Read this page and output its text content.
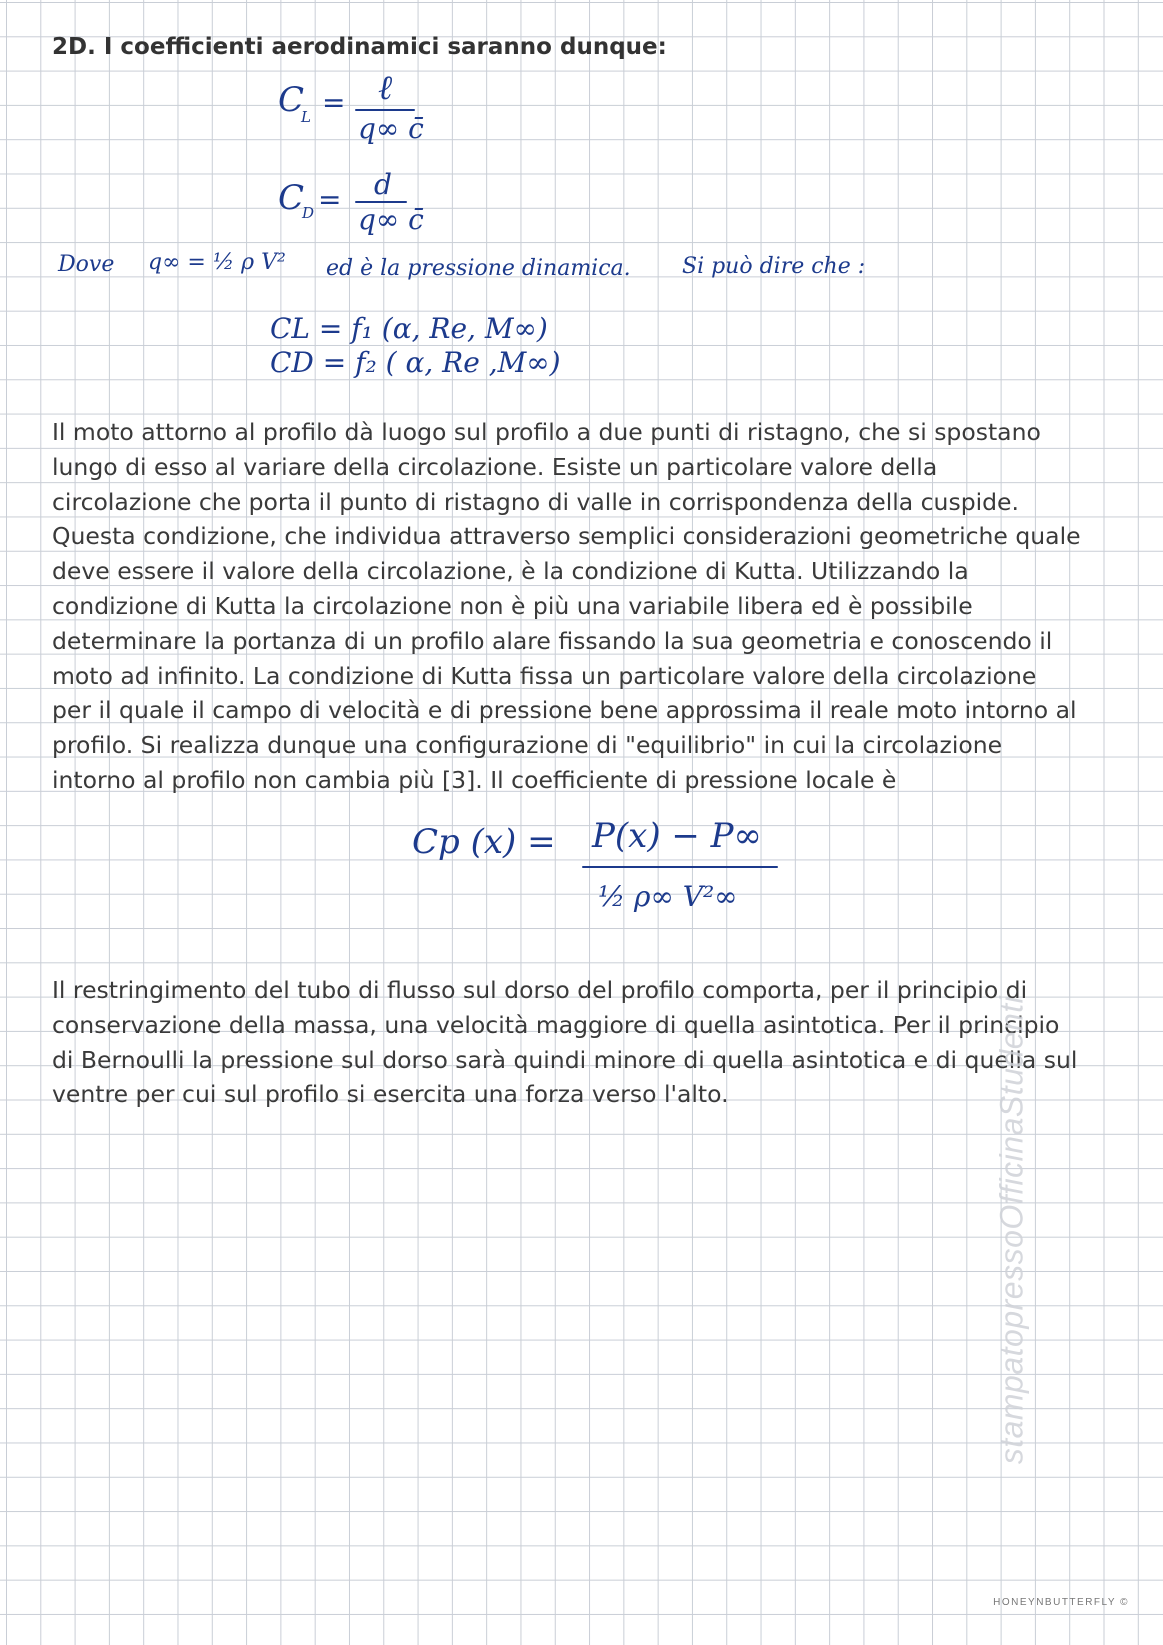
2D. I coefficienti aerodinamici saranno dunque:
C
L = ℓ
q∞ c̄
C
D = d
q∞ c̄
Dove q∞ = ½ ρ V² ed è la pressione dinamica. Si può dire che :
CL = f₁ (α, Re, M∞)
CD = f₂ ( α, Re ,M∞)

Il moto attorno al profilo dà luogo sul profilo a due punti di ristagno, che si spostano
lungo di esso al variare della circolazione. Esiste un particolare valore della
circolazione che porta il punto di ristagno di valle in corrispondenza della cuspide.
Questa condizione, che individua attraverso semplici considerazioni geometriche quale
deve essere il valore della circolazione, è la condizione di Kutta. Utilizzando la
condizione di Kutta la circolazione non è più una variabile libera ed è possibile
determinare la portanza di un profilo alare fissando la sua geometria e conoscendo il
moto ad infinito. La condizione di Kutta fissa un particolare valore della circolazione
per il quale il campo di velocità e di pressione bene approssima il reale moto intorno al
profilo. Si realizza dunque una configurazione di "equilibrio" in cui la circolazione
intorno al profilo non cambia più [3]. Il coefficiente di pressione locale è

Cp (x) = P(x) − P∞
½ ρ∞ V²∞

Il restringimento del tubo di flusso sul dorso del profilo comporta, per il principio di
conservazione della massa, una velocità maggiore di quella asintotica. Per il principio
di Bernoulli la pressione sul dorso sarà quindi minore di quella asintotica e di quella sul
ventre per cui sul profilo si esercita una forza verso l'alto.	stampatopressoOfficinaStudenti
HONEYNBUTTERFLY ©
